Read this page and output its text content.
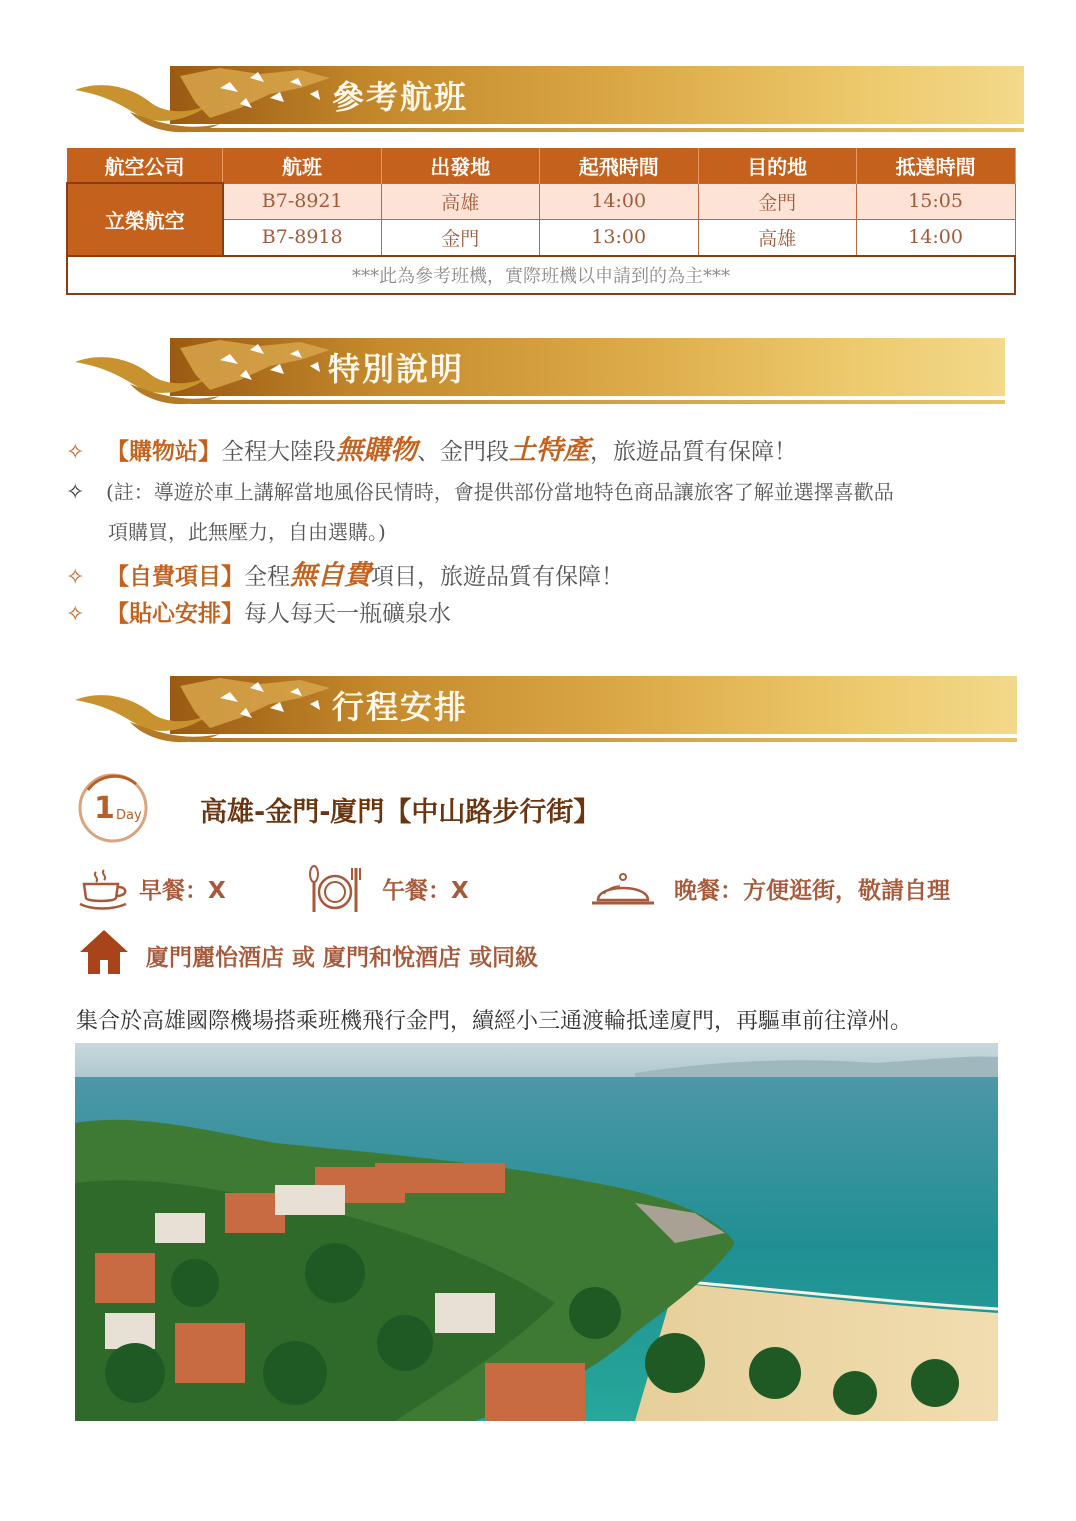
參考航班
航空公司	航班	出發地	起飛時間	目的地	抵達時間
立榮航空	B7-8921	高雄	14:00	金門	15:05
	B7-8918	金門	13:00	高雄	14:00
***此為參考班機，實際班機以申請到的為主***					
特別說明
✧ 【購物站】 全程大陸段 無購物 、金門段 土特產 ，旅遊品質有保障！
✧	(註：導遊於車上講解當地風俗民情時，會提供部份當地特色商品讓旅客了解並選擇喜歡品
項購買，此無壓力，自由選購。)
✧ 【自費項目】 全程 無自費 項目，旅遊品質有保障！
✧ 【貼心安排】 每人每天一瓶礦泉水
行程安排
1 Day 高雄-金門-廈門【中山路步行街】
早餐：X	午餐：X	晚餐：方便逛街，敬請自理
廈門麗怡酒店 或 廈門和悅酒店 或同級
集合於高雄國際機場搭乘班機飛行金門，續經小三通渡輪抵達廈門，再驅車前往漳州。
